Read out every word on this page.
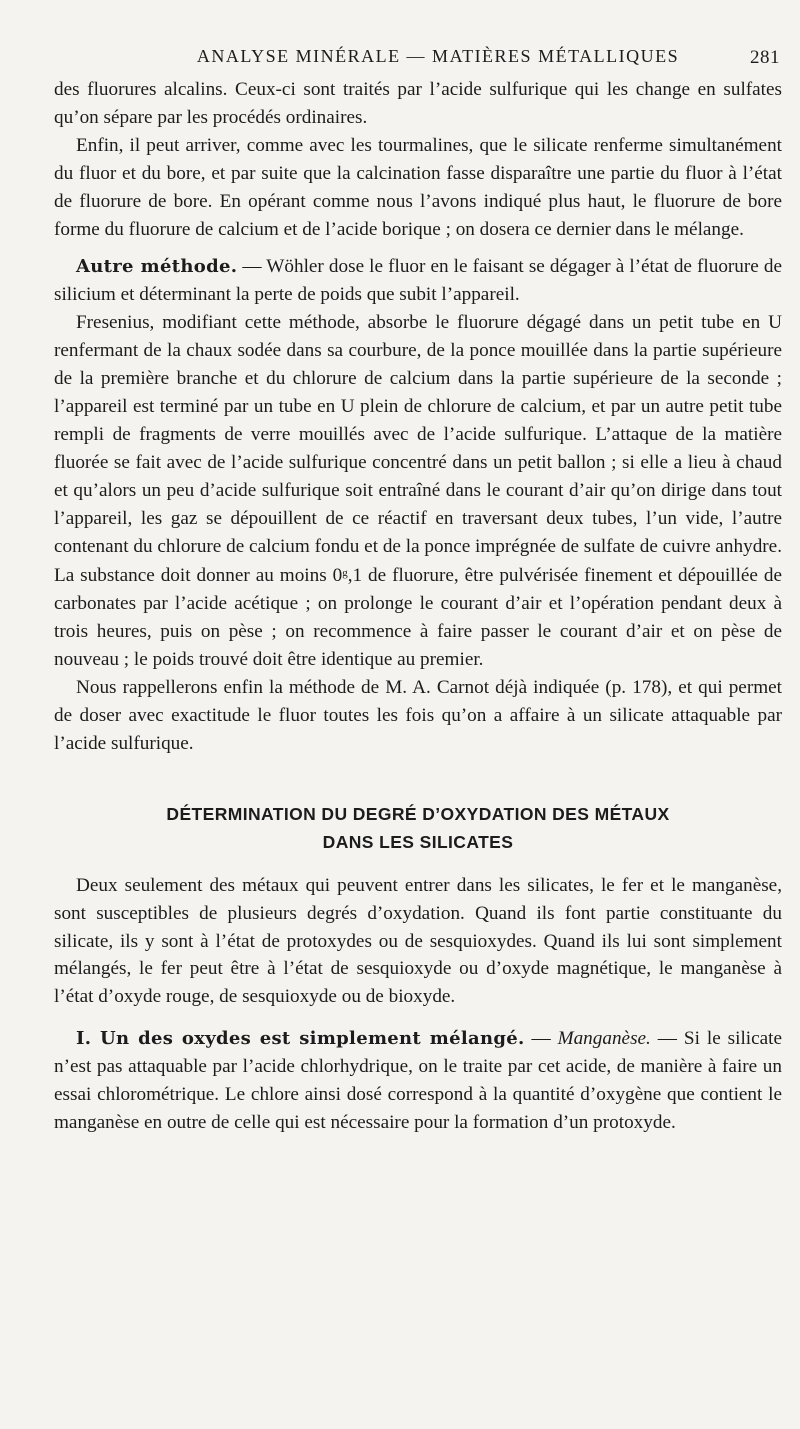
ANALYSE MINÉRALE — MATIÈRES MÉTALLIQUES	281

des fluorures alcalins. Ceux-ci sont traités par l’acide sulfurique qui les change en sulfates qu’on sépare par les procédés ordinaires.

Enfin, il peut arriver, comme avec les tourmalines, que le silicate renferme simultanément du fluor et du bore, et par suite que la calcination fasse disparaître une partie du fluor à l’état de fluorure de bore. En opérant comme nous l’avons indiqué plus haut, le fluorure de bore forme du fluorure de calcium et de l’acide borique ; on dosera ce dernier dans le mélange.

Autre méthode. — Wöhler dose le fluor en le faisant se dégager à l’état de fluorure de silicium et déterminant la perte de poids que subit l’appareil.

Fresenius, modifiant cette méthode, absorbe le fluorure dégagé dans un petit tube en U renfermant de la chaux sodée dans sa courbure, de la ponce mouillée dans la partie supérieure de la première branche et du chlorure de calcium dans la partie supérieure de la seconde ; l’appareil est terminé par un tube en U plein de chlorure de calcium, et par un autre petit tube rempli de fragments de verre mouillés avec de l’acide sulfurique. L’attaque de la matière fluorée se fait avec de l’acide sulfurique concentré dans un petit ballon ; si elle a lieu à chaud et qu’alors un peu d’acide sulfurique soit entraîné dans le courant d’air qu’on dirige dans tout l’appareil, les gaz se dépouillent de ce réactif en traversant deux tubes, l’un vide, l’autre contenant du chlorure de calcium fondu et de la ponce imprégnée de sulfate de cuivre anhydre. La substance doit donner au moins 0$^g$,1 de fluorure, être pulvérisée finement et dépouillée de carbonates par l’acide acétique ; on prolonge le courant d’air et l’opération pendant deux à trois heures, puis on pèse ; on recommence à faire passer le courant d’air et on pèse de nouveau ; le poids trouvé doit être identique au premier.

Nous rappellerons enfin la méthode de M. A. Carnot déjà indiquée (p. 178), et qui permet de doser avec exactitude le fluor toutes les fois qu’on a affaire à un silicate attaquable par l’acide sulfurique.

DÉTERMINATION DU DEGRÉ D’OXYDATION DES MÉTAUX
DANS LES SILICATES

Deux seulement des métaux qui peuvent entrer dans les silicates, le fer et le manganèse, sont susceptibles de plusieurs degrés d’oxydation. Quand ils font partie constituante du silicate, ils y sont à l’état de protoxydes ou de sesquioxydes. Quand ils lui sont simplement mélangés, le fer peut être à l’état de sesquioxyde ou d’oxyde magnétique, le manganèse à l’état d’oxyde rouge, de sesquioxyde ou de bioxyde.

I. Un des oxydes est simplement mélangé. — Manganèse. — Si le silicate n’est pas attaquable par l’acide chlorhydrique, on le traite par cet acide, de manière à faire un essai chlorométrique. Le chlore ainsi dosé correspond à la quantité d’oxygène que contient le manganèse en outre de celle qui est nécessaire pour la formation d’un protoxyde.
